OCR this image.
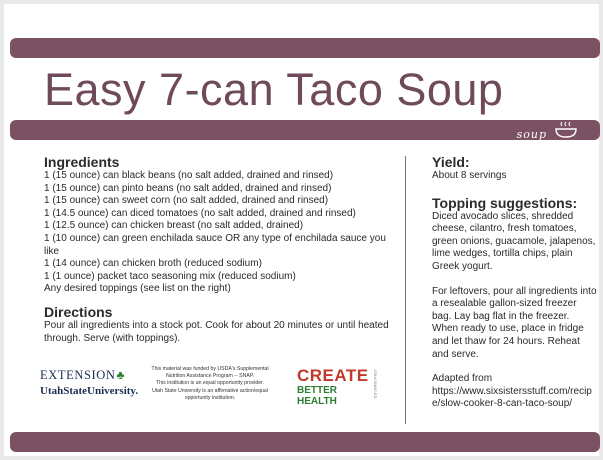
Easy 7-can Taco Soup
soup
Ingredients
1 (15 ounce) can black beans (no salt added, drained and rinsed)
1 (15 ounce) can pinto beans (no salt added, drained and rinsed)
1 (15 ounce) can sweet corn (no salt added, drained and rinsed)
1 (14.5 ounce) can diced tomatoes (no salt added, drained and rinsed)
1 (12.5 ounce) can chicken breast (no salt added, drained)
1 (10 ounce) can green enchilada sauce OR any type of enchilada sauce you like
1 (14 ounce) can chicken broth (reduced sodium)
1 (1 ounce) packet taco seasoning mix (reduced sodium)
Any desired toppings (see list on the right)
Directions

Pour all ingredients into a stock pot. Cook for about 20 minutes or until heated through. Serve (with toppings).

Yield:

About 8 servings

Topping suggestions:

Diced avocado slices, shredded cheese, cilantro, fresh tomatoes, green onions, guacamole, jalapenos, lime wedges, tortilla chips, plain Greek yogurt.

For leftovers, pour all ingredients into a resealable gallon-sized freezer bag. Lay bag flat in the freezer. When ready to use, place in fridge and let thaw for 24 hours. Reheat and serve.

Adapted from

https://www.sixsistersstuff.com/recipe/slow-cooker-8-can-taco-soup/

EXTENSION♣
UtahStateUniversity.
This material was funded by USDA's Supplemental
Nutrition Assistance Program -- SNAP.
This institution is an equal opportunity provider.
Utah State University is an affirmative action/equal
opportunity institution.
CREATE
BETTER HEALTH
UTAH SNAP-ED
